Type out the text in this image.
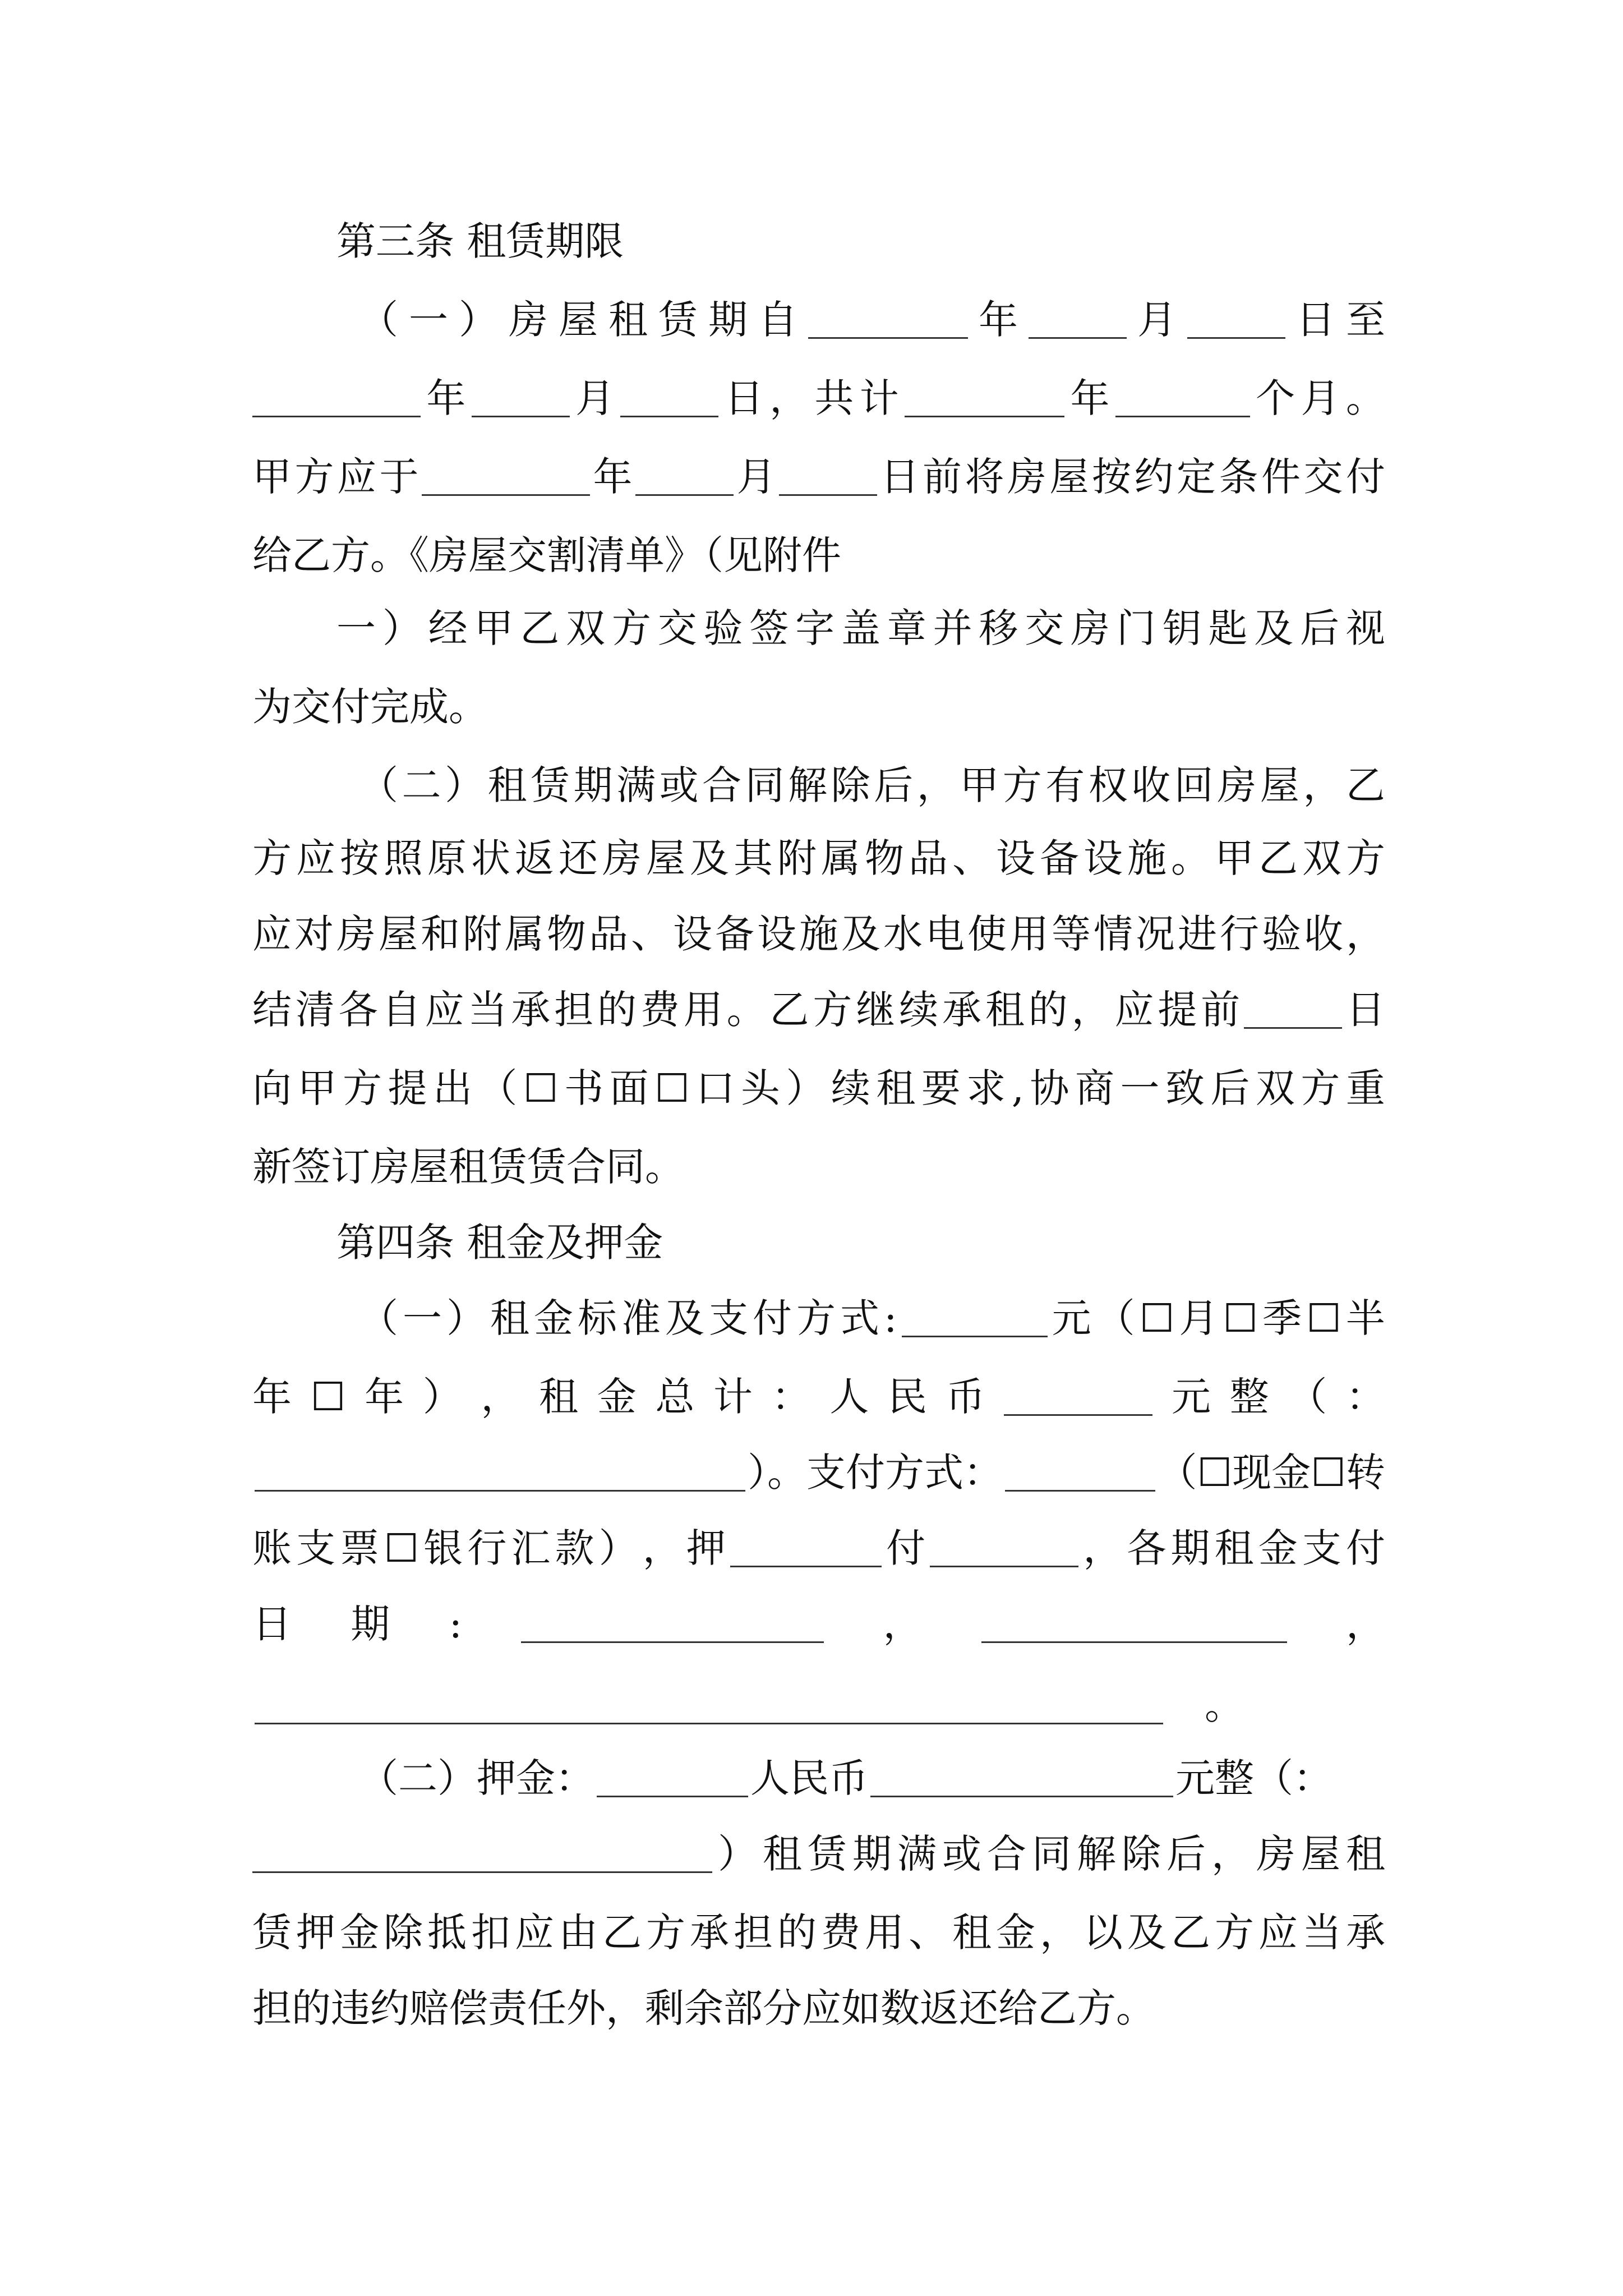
第三条 租赁期限
（ 一 ） 房 屋 租 赁 期 自	年	月	日 至
年	月	日 ， 共 计	年	个 月 。
甲 方 应 于	年	月	日 前 将 房 屋 按 约 定 条 件 交 付
给乙方。《房屋交割清单》（见附件
一 ） 经 甲 乙 双 方 交 验 签 字 盖 章 并 移 交 房 门 钥 匙 及 后 视
为交付完成。
（ 二 ） 租 赁 期 满 或 合 同 解 除 后 ， 甲 方 有 权 收 回 房 屋 ， 乙
方 应 按 照 原 状 返 还 房 屋 及 其 附 属 物 品 、 设 备 设 施 。 甲 乙 双 方
应 对 房 屋 和 附 属 物 品 、 设 备 设 施 及 水 电 使 用 等 情 况 进 行 验 收 ，
结 清 各 自 应 当 承 担 的 费 用 。 乙 方 继 续 承 租 的 ， 应 提 前	日
向 甲 方 提 出 （ ☐ 书 面 ☐ 口 头 ） 续 租 要 求 , 协 商 一 致 后 双 方 重
新签订房屋租赁赁合同。
第四条 租金及押金
（ 一 ） 租 金 标 准 及 支 付 方 式 :	元 （ ☐ 月 ☐ 季 ☐ 半
年 ☐ 年 ） ， 租 金 总 计 ： 人 民 币	元 整 （ ：
）。支付方式：	（☐现金☐转
账 支 票 ☐ 银 行 汇 款 ） ， 押	付	， 各 期 租 金 支 付
日 期 :	，	，
　。
（二）押金：	人民币	元整（：
） 租 赁 期 满 或 合 同 解 除 后 ， 房 屋 租
赁 押 金 除 抵 扣 应 由 乙 方 承 担 的 费 用 、 租 金 ， 以 及 乙 方 应 当 承
担的违约赔偿责任外，剩余部分应如数返还给乙方。
